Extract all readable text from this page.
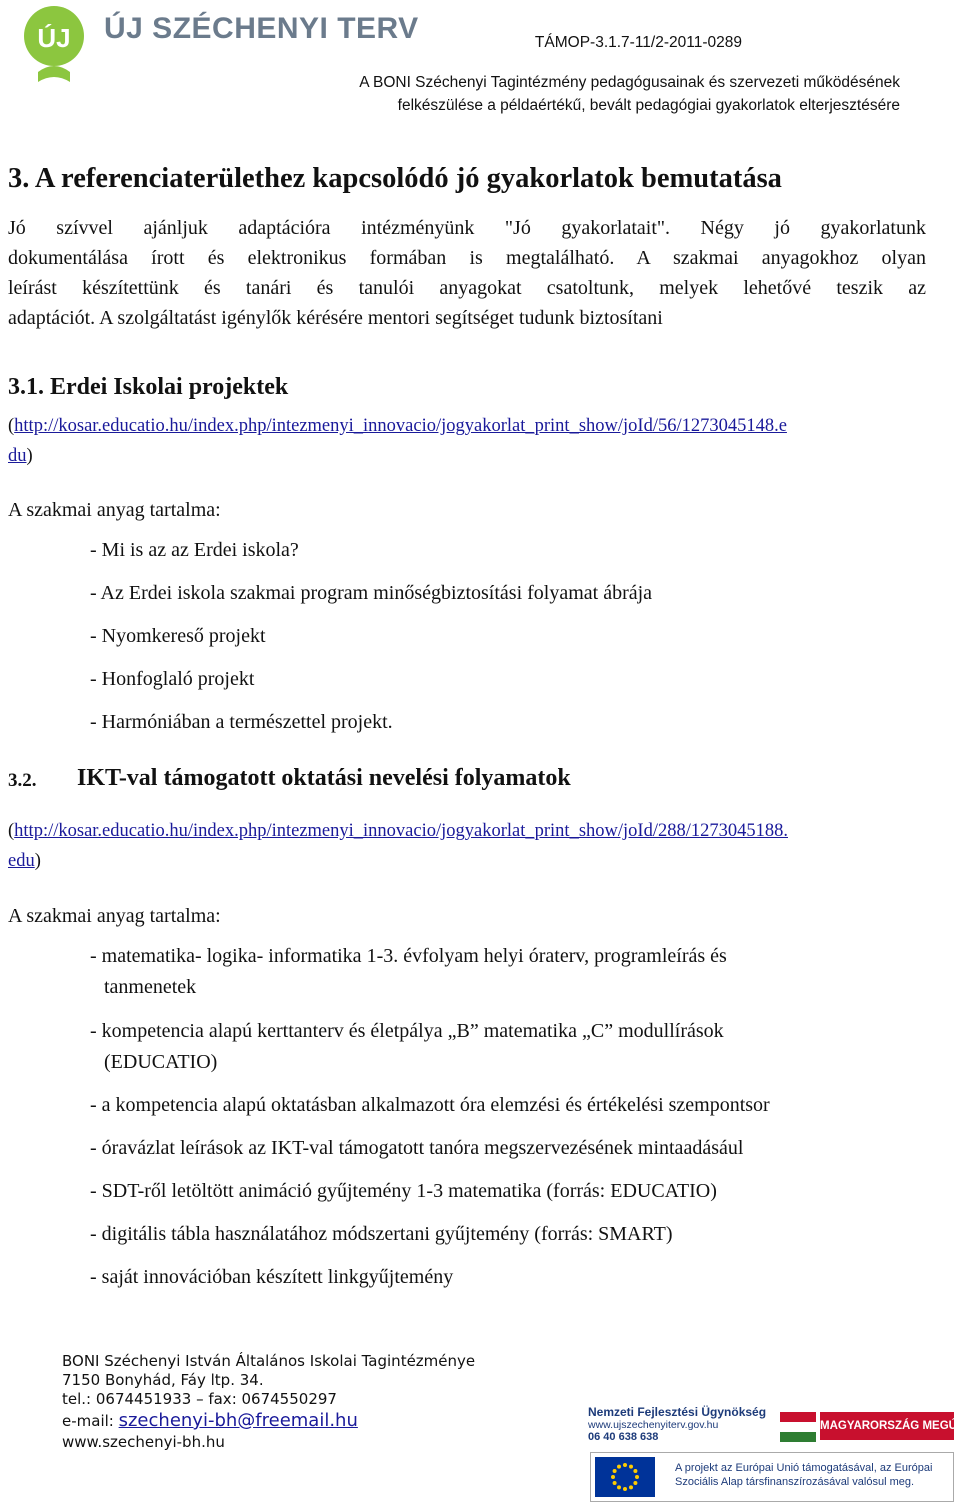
ÚJ ÚJ SZÉCHENYI TERV	TÁMOP-3.1.7-11/2-2011-0289
A BONI Széchenyi Tagintézmény pedagógusainak és szervezeti működésének
felkészülése a példaértékű, bevált pedagógiai gyakorlatok elterjesztésére
3. A referenciaterülethez kapcsolódó jó gyakorlatok bemutatása
Jó szívvel ajánljuk adaptációra intézményünk "Jó gyakorlatait". Négy jó gyakorlatunk
dokumentálása írott és elektronikus formában is megtalálható. A szakmai anyagokhoz olyan
leírást készítettünk és tanári és tanulói anyagokat csatoltunk, melyek lehetővé teszik az
adaptációt. A szolgáltatást igénylők kérésére mentori segítséget tudunk biztosítani
3.1. Erdei Iskolai projektek
(http://kosar.educatio.hu/index.php/intezmenyi_innovacio/jogyakorlat_print_show/joId/56/1273045148.e
du)
A szakmai anyag tartalma:
- Mi is az az Erdei iskola?
- Az Erdei iskola szakmai program minőségbiztosítási folyamat ábrája
- Nyomkereső projekt
- Honfoglaló projekt
- Harmóniában a természettel projekt.
3.2. IKT-val támogatott oktatási nevelési folyamatok
(http://kosar.educatio.hu/index.php/intezmenyi_innovacio/jogyakorlat_print_show/joId/288/1273045188.
edu)
A szakmai anyag tartalma:
- matematika- logika- informatika 1-3. évfolyam helyi óraterv, programleírás és
tanmenetek
- kompetencia alapú kerttanterv és életpálya „B” matematika „C” modullírások
(EDUCATIO)
- a kompetencia alapú oktatásban alkalmazott óra elemzési és értékelési szempontsor
- óravázlat leírások az IKT-val támogatott tanóra megszervezésének mintaadásául
- SDT-ről letöltött animáció gyűjtemény 1-3 matematika (forrás: EDUCATIO)
- digitális tábla használatához módszertani gyűjtemény (forrás: SMART)
- saját innovációban készített linkgyűjtemény
BONI Széchenyi István Általános Iskolai Tagintézménye
7150 Bonyhád, Fáy ltp. 34.
tel.: 0674451933 – fax: 0674550297
e-mail: szechenyi-bh@freemail.hu
www.szechenyi-bh.hu
Nemzeti Fejlesztési Ügynökség
www.ujszechenyiterv.gov.hu
06 40 638 638
MAGYARORSZÁG MEGÚJUL
A projekt az Európai Unió támogatásával, az Európai
Szociális Alap társfinanszírozásával valósul meg.
